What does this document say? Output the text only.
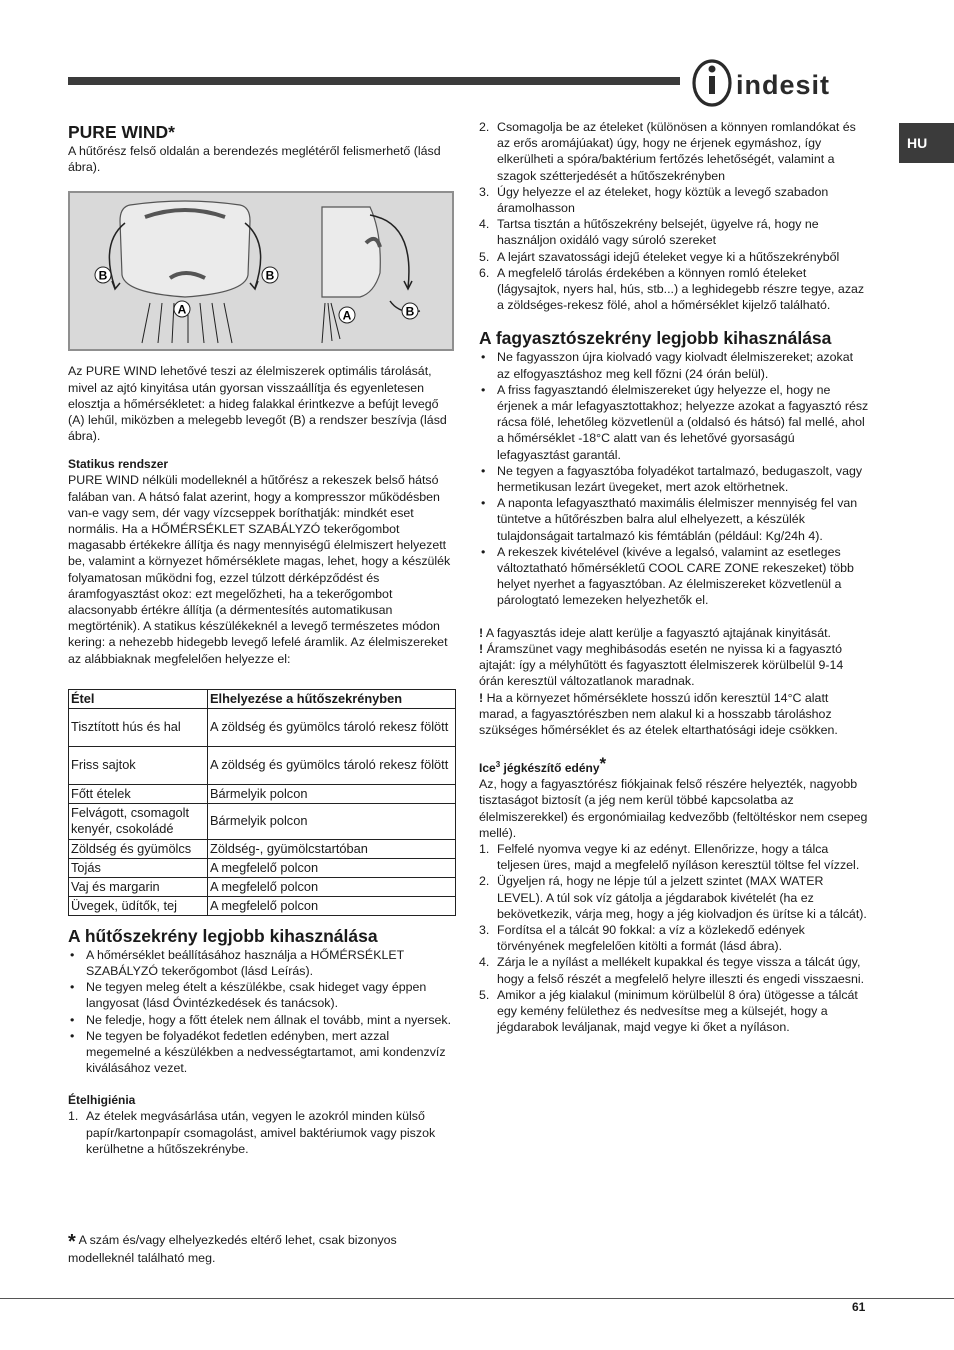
indesit
HU
PURE WIND*

A hűtőrész felső oldalán a berendezés meglétéről felismerhető (lásd ábra).

B	B
A	A	B

Az PURE WIND lehetővé teszi az élelmiszerek optimális tárolását, mivel az ajtó kinyitása után gyorsan visszaállítja és egyenletesen elosztja a hőmérsékletet: a hideg falakkal érintkezve a befújt levegő (A) lehűl, miközben a melegebb levegőt (B) a rendszer beszívja (lásd ábra).

Statikus rendszer

PURE WIND nélküli modelleknél a hűtőrész a rekeszek belső hátsó falában van. A hátsó falat azerint, hogy a kompresszor működésben van-e vagy sem, dér vagy vízcseppek boríthatják: mindkét eset normális. Ha a HŐMÉRSÉKLET SZABÁLYZÓ tekerőgombot magasabb értékekre állítja és nagy mennyiségű élelmiszert helyezett be, valamint a környezet hőmérséklete magas, lehet, hogy a készülék folyamatosan működni fog, ezzel túlzott dérképződést és áramfogyasztást okoz: ezt megelőzheti, ha a tekerőgombot alacsonyabb értékre állítja (a dérmentesítés automatikusan megtörténik). A statikus készülékeknél a levegő természetes módon kering: a nehezebb hidegebb levegő lefelé áramlik. Az élelmiszereket az alábbiaknak megfelelően helyezze el:

Étel	Elhelyezése a hűtőszekrényben
Tisztított hús és hal	A zöldség és gyümölcs tároló rekesz fölött
Friss sajtok	A zöldség és gyümölcs tároló rekesz fölött
Főtt ételek	Bármelyik polcon
Felvágott, csomagolt kenyér, csokoládé	Bármelyik polcon
Zöldség és gyümölcs	Zöldség-, gyümölcstartóban
Tojás	A megfelelő polcon
Vaj és margarin	A megfelelő polcon
Üvegek, üdítők, tej	A megfelelő polcon
A hűtőszekrény legjobb kihasználása
• A hőmérséklet beállításához használja a HŐMÉRSÉKLET SZABÁLYZÓ tekerőgombot (lásd Leírás).
• Ne tegyen meleg ételt a készülékbe, csak hideget vagy éppen langyosat (lásd Óvintézkedések és tanácsok).
• Ne feledje, hogy a főtt ételek nem állnak el tovább, mint a nyersek.
• Ne tegyen be folyadékot fedetlen edényben, mert azzal megemelné a készülékben a nedvességtartamot, ami kondenzvíz kiválásához vezet.
Ételhigiénia
1. Az ételek megvásárlása után, vegyen le azokról minden külső papír/kartonpapír csomagolást, amivel baktériumok vagy piszok kerülhetne a hűtőszekrénybe.
* A szám és/vagy elhelyezkedés eltérő lehet, csak bizonyos modelleknél található meg.
2. Csomagolja be az ételeket (különösen a könnyen romlandókat és az erős aromájúakat) úgy, hogy ne érjenek egymáshoz, így elkerülheti a spóra/baktérium fertőzés lehetőségét, valamint a szagok szétterjedését a hűtőszekrényben
3. Úgy helyezze el az ételeket, hogy köztük a levegő szabadon áramolhasson
4. Tartsa tisztán a hűtőszekrény belsejét, ügyelve rá, hogy ne használjon oxidáló vagy súroló szereket
5. A lejárt szavatossági idejű ételeket vegye ki a hűtőszekrényből
6. A megfelelő tárolás érdekében a könnyen romló ételeket (lágysajtok, nyers hal, hús, stb...) a leghidegebb részre tegye, azaz a zöldséges-rekesz fölé, ahol a hőmérséklet kijelző található.
A fagyasztószekrény legjobb kihasználása
• Ne fagyasszon újra kiolvadó vagy kiolvadt élelmiszereket; azokat az elfogyasztáshoz meg kell főzni (24 órán belül).
• A friss fagyasztandó élelmiszereket úgy helyezze el, hogy ne érjenek a már lefagyasztottakhoz; helyezze azokat a fagyasztó rész rácsa fölé, lehetőleg közvetlenül a (oldalsó és hátsó) fal mellé, ahol a hőmérséklet -18°C alatt van és lehetővé gyorsaságú lefagyasztást garantál.
• Ne tegyen a fagyasztóba folyadékot tartalmazó, bedugaszolt, vagy hermetikusan lezárt üvegeket, mert azok eltörhetnek.
• A naponta lefagyasztható maximális élelmiszer mennyiség fel van tüntetve a hűtőrészben balra alul elhelyezett, a készülék tulajdonságait tartalmazó kis fémtáblán (például: Kg/24h 4).
• A rekeszek kivételével (kivéve a legalsó, valamint az esetleges változtatható hőmérsékletű COOL CARE ZONE rekeszeket) több helyet nyerhet a fagyasztóban. Az élelmiszereket közvetlenül a párologtató lemezeken helyezhetők el.

! A fagyasztás ideje alatt kerülje a fagyasztó ajtajának kinyitását.

! Áramszünet vagy meghibásodás esetén ne nyissa ki a fagyasztó ajtaját: így a mélyhűtött és fagyasztott élelmiszerek körülbelül 9-14 órán keresztül változatlanok maradnak.

! Ha a környezet hőmérséklete hosszú időn keresztül 14°C alatt marad, a fagyasztórészben nem alakul ki a hosszabb tároláshoz szükséges hőmérséklet és az ételek eltarthatósági ideje csökken.

Ice$^3$ jégkészítő edény*

Az, hogy a fagyasztórész fiókjainak felső részére helyezték, nagyobb tisztaságot biztosít (a jég nem kerül többé kapcsolatba az élelmiszerekkel) és ergonómiailag kedvezőbb (feltöltéskor nem csepeg mellé).

1. Felfelé nyomva vegye ki az edényt. Ellenőrizze, hogy a tálca teljesen üres, majd a megfelelő nyíláson keresztül töltse fel vízzel.
2. Ügyeljen rá, hogy ne lépje túl a jelzett szintet (MAX WATER LEVEL). A túl sok víz gátolja a jégdarabok kivételét (ha ez bekövetkezik, várja meg, hogy a jég kiolvadjon és ürítse ki a tálcát).
3. Fordítsa el a tálcát 90 fokkal: a víz a közlekedő edények törvényének megfelelően kitölti a formát (lásd ábra).
4. Zárja le a nyílást a mellékelt kupakkal és tegye vissza a tálcát úgy, hogy a felső részét a megfelelő helyre illeszti és engedi visszaesni.
5. Amikor a jég kialakul (minimum körülbelül 8 óra) ütögesse a tálcát egy kemény felülethez és nedvesítse meg a külsejét, hogy a jégdarabok leváljanak, majd vegye ki őket a nyíláson.
61
